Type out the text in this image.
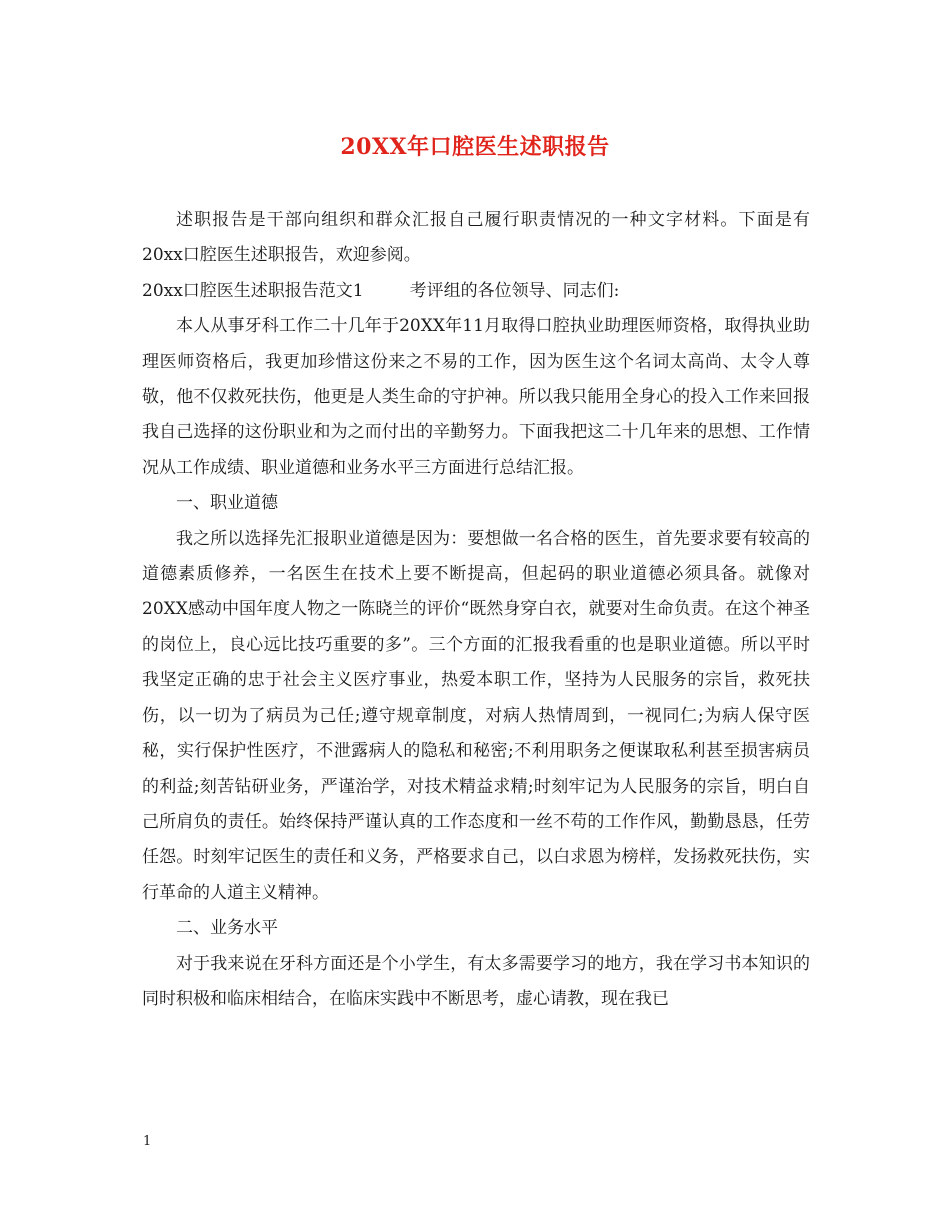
20XX年口腔医生述职报告

述职报告是干部向组织和群众汇报自己履行职责情况的一种文字材料。下面是有20xx口腔医生述职报告，欢迎参阅。

20xx口腔医生述职报告范文1	考评组的各位领导、同志们:

本人从事牙科工作二十几年于20XX年11月取得口腔执业助理医师资格，取得执业助理医师资格后，我更加珍惜这份来之不易的工作，因为医生这个名词太高尚、太令人尊敬，他不仅救死扶伤，他更是人类生命的守护神。所以我只能用全身心的投入工作来回报我自己选择的这份职业和为之而付出的辛勤努力。下面我把这二十几年来的思想、工作情况从工作成绩、职业道德和业务水平三方面进行总结汇报。

一、职业道德

我之所以选择先汇报职业道德是因为：要想做一名合格的医生，首先要求要有较高的道德素质修养，一名医生在技术上要不断提高，但起码的职业道德必须具备。就像对20XX感动中国年度人物之一陈晓兰的评价“既然身穿白衣，就要对生命负责。在这个神圣的岗位上，良心远比技巧重要的多”。三个方面的汇报我看重的也是职业道德。所以平时我坚定正确的忠于社会主义医疗事业，热爱本职工作，坚持为人民服务的宗旨，救死扶伤，以一切为了病员为己任;遵守规章制度，对病人热情周到，一视同仁;为病人保守医秘，实行保护性医疗，不泄露病人的隐私和秘密;不利用职务之便谋取私利甚至损害病员的利益;刻苦钻研业务，严谨治学，对技术精益求精;时刻牢记为人民服务的宗旨，明白自己所肩负的责任。始终保持严谨认真的工作态度和一丝不苟的工作作风，勤勤恳恳，任劳任怨。时刻牢记医生的责任和义务，严格要求自己，以白求恩为榜样，发扬救死扶伤，实行革命的人道主义精神。

二、业务水平

对于我来说在牙科方面还是个小学生，有太多需要学习的地方，我在学习书本知识的同时积极和临床相结合，在临床实践中不断思考，虚心请教，现在我已

1
